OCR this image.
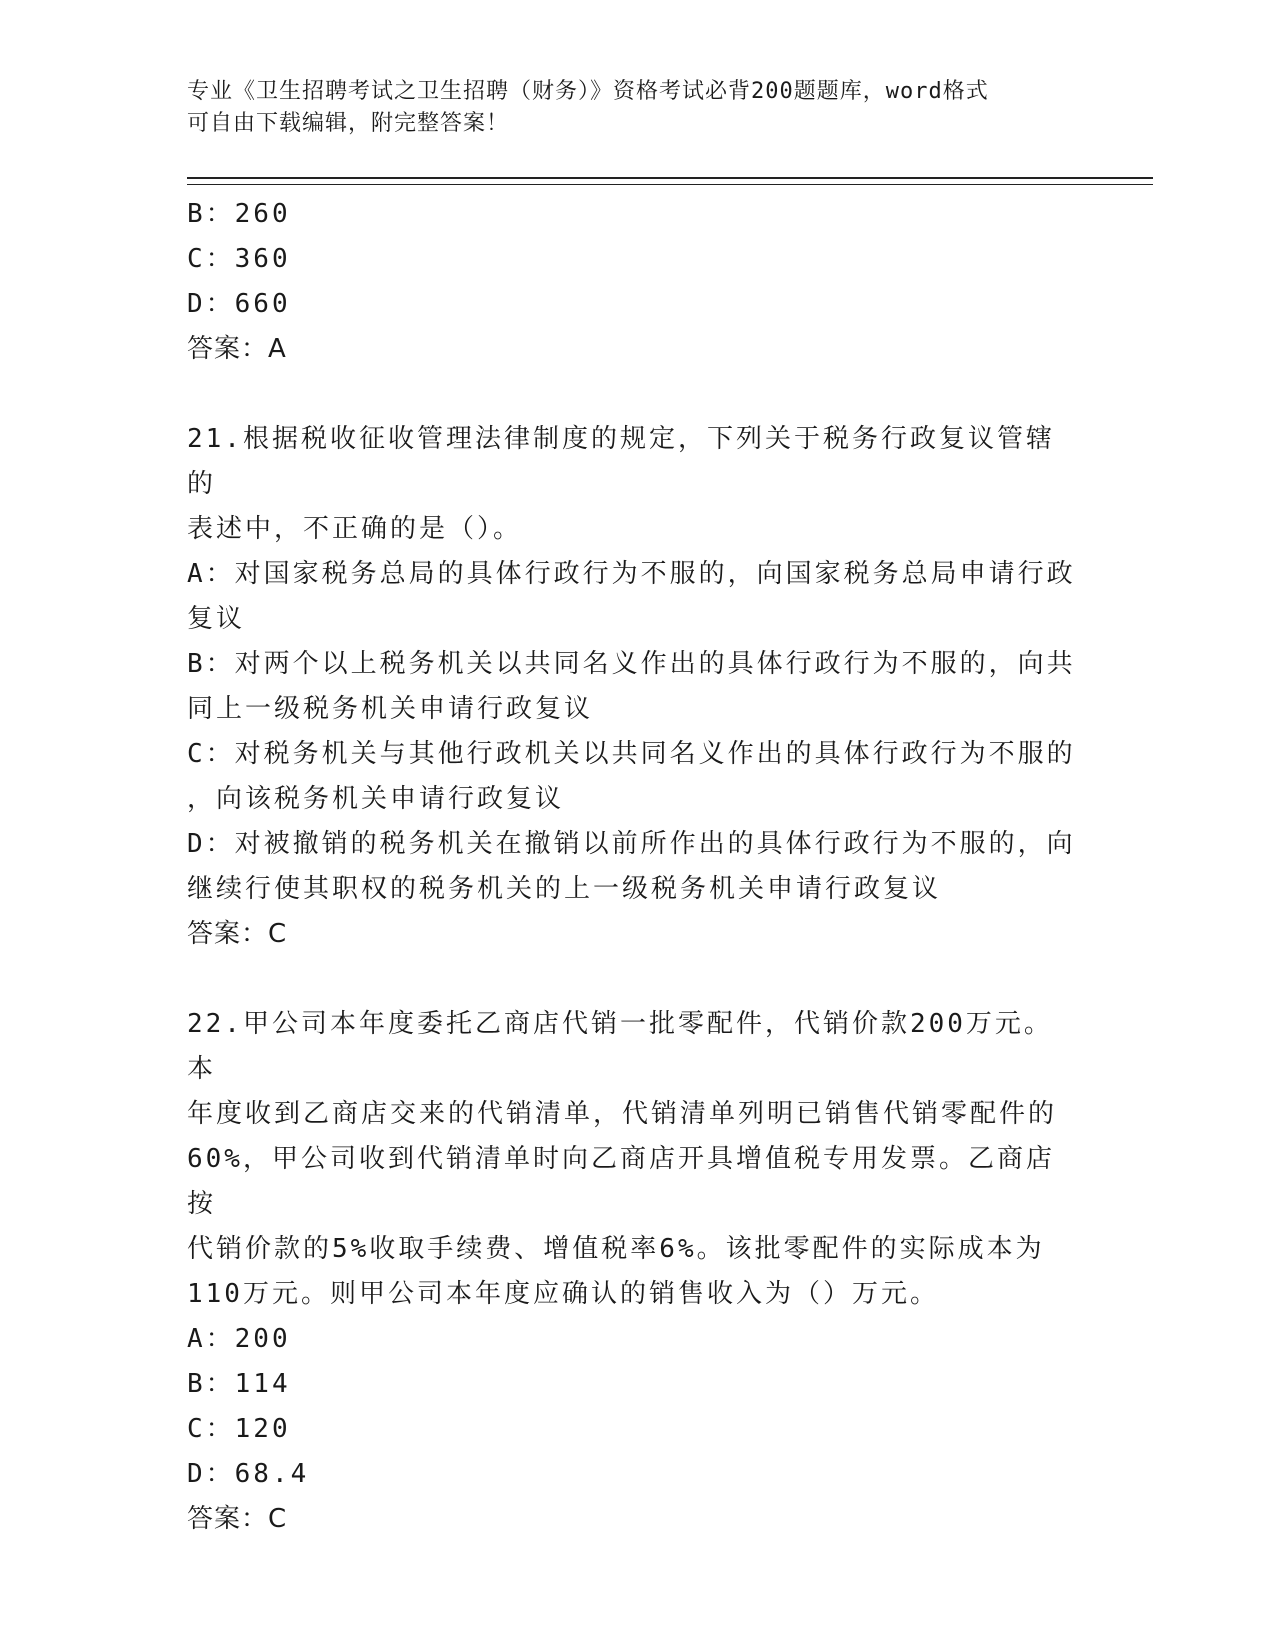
专业《卫生招聘考试之卫生招聘（财务）》资格考试必背200题题库，word格式
可自由下载编辑，附完整答案！

B：260

C：360

D：660

答案：A

21.根据税收征收管理法律制度的规定，下列关于税务行政复议管辖的

表述中，不正确的是（）。

A：对国家税务总局的具体行政行为不服的，向国家税务总局申请行政

复议

B：对两个以上税务机关以共同名义作出的具体行政行为不服的，向共

同上一级税务机关申请行政复议

C：对税务机关与其他行政机关以共同名义作出的具体行政行为不服的

，向该税务机关申请行政复议

D：对被撤销的税务机关在撤销以前所作出的具体行政行为不服的，向

继续行使其职权的税务机关的上一级税务机关申请行政复议

答案：C

22.甲公司本年度委托乙商店代销一批零配件，代销价款200万元。本

年度收到乙商店交来的代销清单，代销清单列明已销售代销零配件的

60%，甲公司收到代销清单时向乙商店开具增值税专用发票。乙商店按

代销价款的5%收取手续费、增值税率6%。该批零配件的实际成本为

110万元。则甲公司本年度应确认的销售收入为（）万元。

A：200

B：114

C：120

D：68.4

答案：C
